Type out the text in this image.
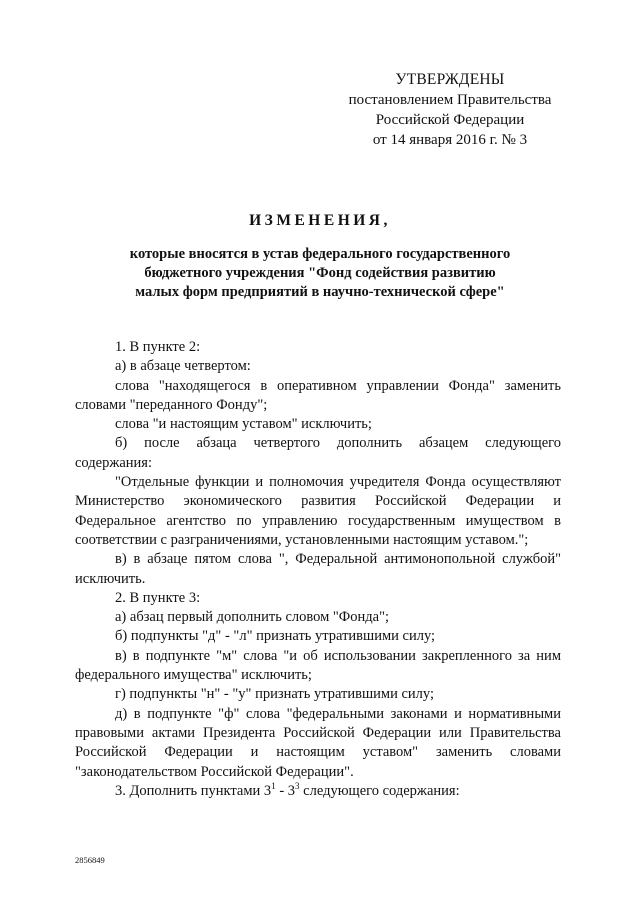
УТВЕРЖДЕНЫ
постановлением Правительства
Российской Федерации
от 14 января 2016 г. № 3
ИЗМЕНЕНИЯ,
которые вносятся в устав федерального государственного
бюджетного учреждения "Фонд содействия развитию
малых форм предприятий в научно-технической сфере"

1. В пункте 2:

а) в абзаце четвертом:

слова "находящегося в оперативном управлении Фонда" заменить словами "переданного Фонду";

слова "и настоящим уставом" исключить;

б) после абзаца четвертого дополнить абзацем следующего содержания:

"Отдельные функции и полномочия учредителя Фонда осуществляют Министерство экономического развития Российской Федерации и Федеральное агентство по управлению государственным имуществом в соответствии с разграничениями, установленными настоящим уставом.";

в) в абзаце пятом слова ", Федеральной антимонопольной службой" исключить.

2. В пункте 3:

а) абзац первый дополнить словом "Фонда";

б) подпункты "д" - "л" признать утратившими силу;

в) в подпункте "м" слова "и об использовании закрепленного за ним федерального имущества" исключить;

г) подпункты "н" - "у" признать утратившими силу;

д) в подпункте "ф" слова "федеральными законами и нормативными правовыми актами Президента Российской Федерации или Правительства Российской Федерации и настоящим уставом" заменить словами "законодательством Российской Федерации".

3. Дополнить пунктами $3^1 - 3^3$ следующего содержания:

2856849
